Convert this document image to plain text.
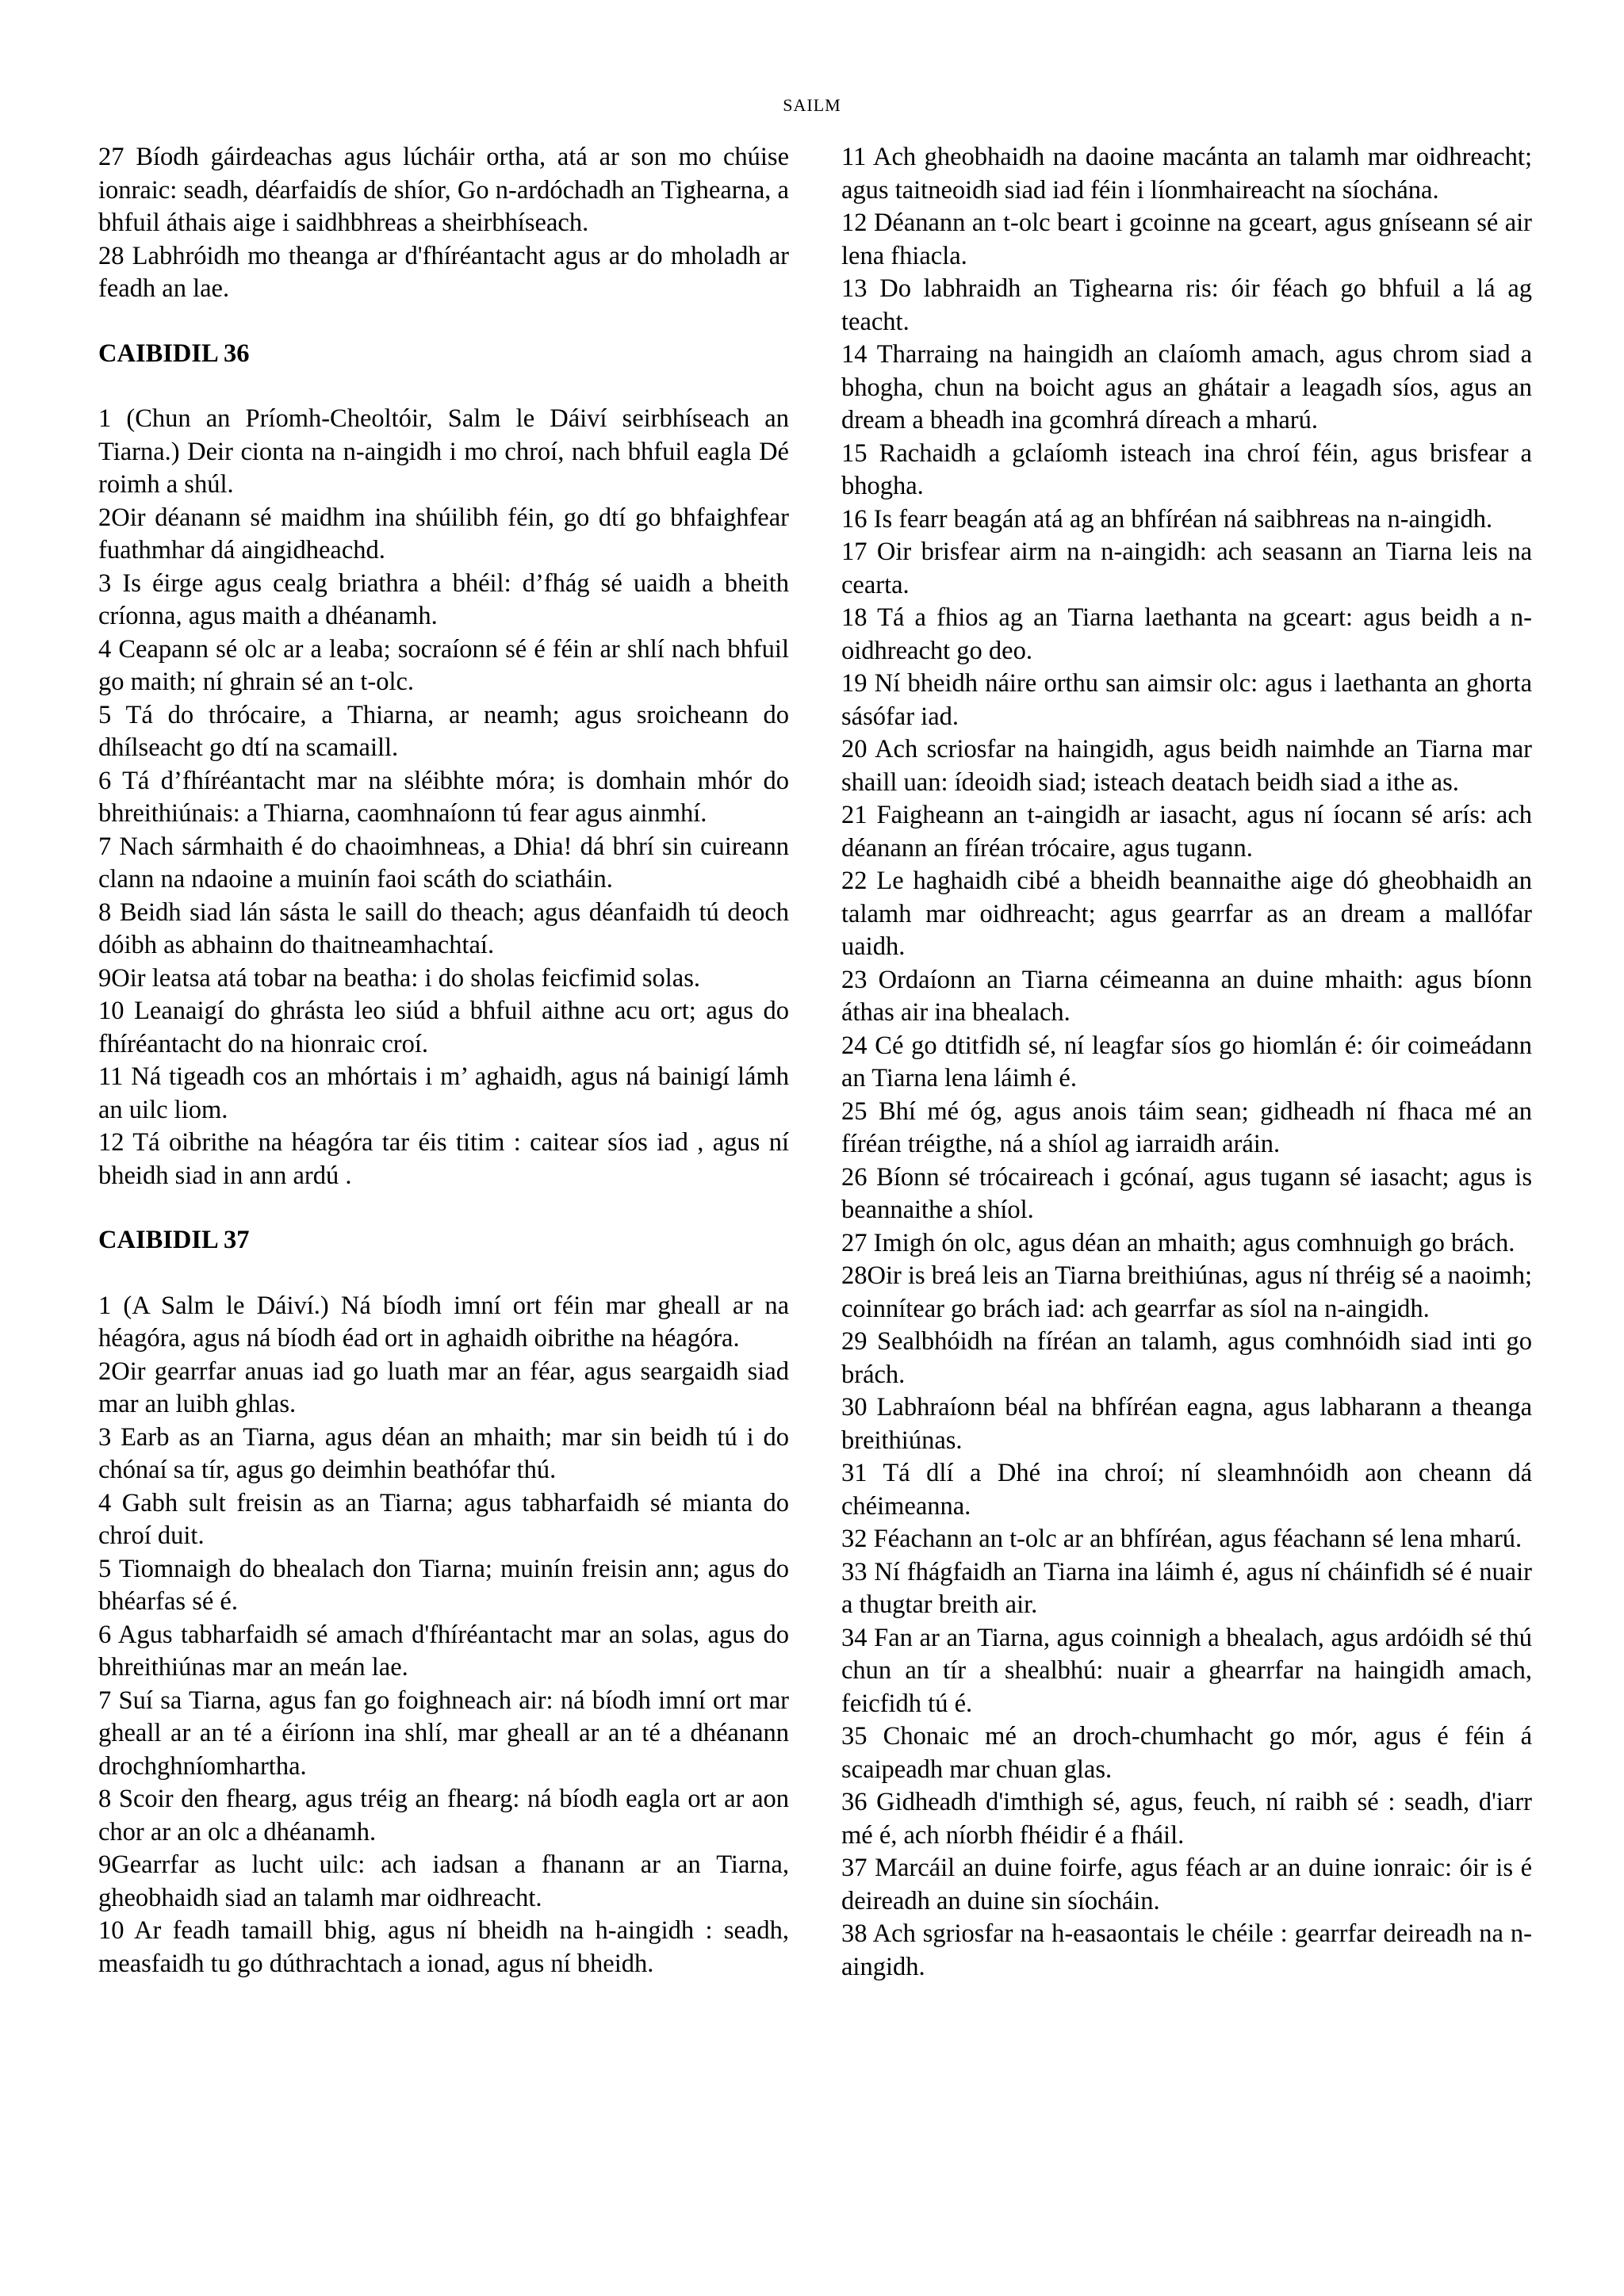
SAILM

27 Bíodh gáirdeachas agus lúcháir ortha, atá ar son mo chúise ionraic: seadh, déarfaidís de shíor, Go n-ardóchadh an Tighearna, a bhfuil áthais aige i saidhbhreas a sheirbhíseach.

28 Labhróidh mo theanga ar d'fhíréantacht agus ar do mholadh ar feadh an lae.

CAIBIDIL 36

1 (Chun an Príomh-Cheoltóir, Salm le Dáiví seirbhíseach an Tiarna.) Deir cionta na n-aingidh i mo chroí, nach bhfuil eagla Dé roimh a shúl.

2Oir déanann sé maidhm ina shúilibh féin, go dtí go bhfaighfear fuathmhar dá aingidheachd.

3 Is éirge agus cealg briathra a bhéil: d’fhág sé uaidh a bheith críonna, agus maith a dhéanamh.

4 Ceapann sé olc ar a leaba; socraíonn sé é féin ar shlí nach bhfuil go maith; ní ghrain sé an t-olc.

5 Tá do thrócaire, a Thiarna, ar neamh; agus sroicheann do dhílseacht go dtí na scamaill.

6 Tá d’fhíréantacht mar na sléibhte móra; is domhain mhór do bhreithiúnais: a Thiarna, caomhnaíonn tú fear agus ainmhí.

7 Nach sármhaith é do chaoimhneas, a Dhia! dá bhrí sin cuireann clann na ndaoine a muinín faoi scáth do sciatháin.

8 Beidh siad lán sásta le saill do theach; agus déanfaidh tú deoch dóibh as abhainn do thaitneamhachtaí.

9Oir leatsa atá tobar na beatha: i do sholas feicfimid solas.

10 Leanaigí do ghrásta leo siúd a bhfuil aithne acu ort; agus do fhíréantacht do na hionraic croí.

11 Ná tigeadh cos an mhórtais i m’ aghaidh, agus ná bainigí lámh an uilc liom.

12 Tá oibrithe na héagóra tar éis titim : caitear síos iad , agus ní bheidh siad in ann ardú .

CAIBIDIL 37

1 (A Salm le Dáiví.) Ná bíodh imní ort féin mar gheall ar na héagóra, agus ná bíodh éad ort in aghaidh oibrithe na héagóra.

2Oir gearrfar anuas iad go luath mar an féar, agus seargaidh siad mar an luibh ghlas.

3 Earb as an Tiarna, agus déan an mhaith; mar sin beidh tú i do chónaí sa tír, agus go deimhin beathófar thú.

4 Gabh sult freisin as an Tiarna; agus tabharfaidh sé mianta do chroí duit.

5 Tiomnaigh do bhealach don Tiarna; muinín freisin ann; agus do bhéarfas sé é.

6 Agus tabharfaidh sé amach d'fhíréantacht mar an solas, agus do bhreithiúnas mar an meán lae.

7 Suí sa Tiarna, agus fan go foighneach air: ná bíodh imní ort mar gheall ar an té a éiríonn ina shlí, mar gheall ar an té a dhéanann drochghníomhartha.

8 Scoir den fhearg, agus tréig an fhearg: ná bíodh eagla ort ar aon chor ar an olc a dhéanamh.

9Gearrfar as lucht uilc: ach iadsan a fhanann ar an Tiarna, gheobhaidh siad an talamh mar oidhreacht.

10 Ar feadh tamaill bhig, agus ní bheidh na h-aingidh : seadh, measfaidh tu go dúthrachtach a ionad, agus ní bheidh.

11 Ach gheobhaidh na daoine macánta an talamh mar oidhreacht; agus taitneoidh siad iad féin i líonmhaireacht na síochána.

12 Déanann an t-olc beart i gcoinne na gceart, agus gníseann sé air lena fhiacla.

13 Do labhraidh an Tighearna ris: óir féach go bhfuil a lá ag teacht.

14 Tharraing na haingidh an claíomh amach, agus chrom siad a bhogha, chun na boicht agus an ghátair a leagadh síos, agus an dream a bheadh ina gcomhrá díreach a mharú.

15 Rachaidh a gclaíomh isteach ina chroí féin, agus brisfear a bhogha.

16 Is fearr beagán atá ag an bhfíréan ná saibhreas na n-aingidh.

17 Oir brisfear airm na n-aingidh: ach seasann an Tiarna leis na cearta.

18 Tá a fhios ag an Tiarna laethanta na gceart: agus beidh a n-oidhreacht go deo.

19 Ní bheidh náire orthu san aimsir olc: agus i laethanta an ghorta sásófar iad.

20 Ach scriosfar na haingidh, agus beidh naimhde an Tiarna mar shaill uan: ídeoidh siad; isteach deatach beidh siad a ithe as.

21 Faigheann an t-aingidh ar iasacht, agus ní íocann sé arís: ach déanann an fíréan trócaire, agus tugann.

22 Le haghaidh cibé a bheidh beannaithe aige dó gheobhaidh an talamh mar oidhreacht; agus gearrfar as an dream a mallófar uaidh.

23 Ordaíonn an Tiarna céimeanna an duine mhaith: agus bíonn áthas air ina bhealach.

24 Cé go dtitfidh sé, ní leagfar síos go hiomlán é: óir coimeádann an Tiarna lena láimh é.

25 Bhí mé óg, agus anois táim sean; gidheadh ní fhaca mé an fíréan tréigthe, ná a shíol ag iarraidh aráin.

26 Bíonn sé trócaireach i gcónaí, agus tugann sé iasacht; agus is beannaithe a shíol.

27 Imigh ón olc, agus déan an mhaith; agus comhnuigh go brách.

28Oir is breá leis an Tiarna breithiúnas, agus ní thréig sé a naoimh; coinnítear go brách iad: ach gearrfar as síol na n-aingidh.

29 Sealbhóidh na fíréan an talamh, agus comhnóidh siad inti go brách.

30 Labhraíonn béal na bhfíréan eagna, agus labharann a theanga breithiúnas.

31 Tá dlí a Dhé ina chroí; ní sleamhnóidh aon cheann dá chéimeanna.

32 Féachann an t-olc ar an bhfíréan, agus féachann sé lena mharú.

33 Ní fhágfaidh an Tiarna ina láimh é, agus ní cháinfidh sé é nuair a thugtar breith air.

34 Fan ar an Tiarna, agus coinnigh a bhealach, agus ardóidh sé thú chun an tír a shealbhú: nuair a ghearrfar na haingidh amach, feicfidh tú é.

35 Chonaic mé an droch-chumhacht go mór, agus é féin á scaipeadh mar chuan glas.

36 Gidheadh d'imthigh sé, agus, feuch, ní raibh sé : seadh, d'iarr mé é, ach níorbh fhéidir é a fháil.

37 Marcáil an duine foirfe, agus féach ar an duine ionraic: óir is é deireadh an duine sin síocháin.

38 Ach sgriosfar na h-easaontais le chéile : gearrfar deireadh na n-aingidh.
